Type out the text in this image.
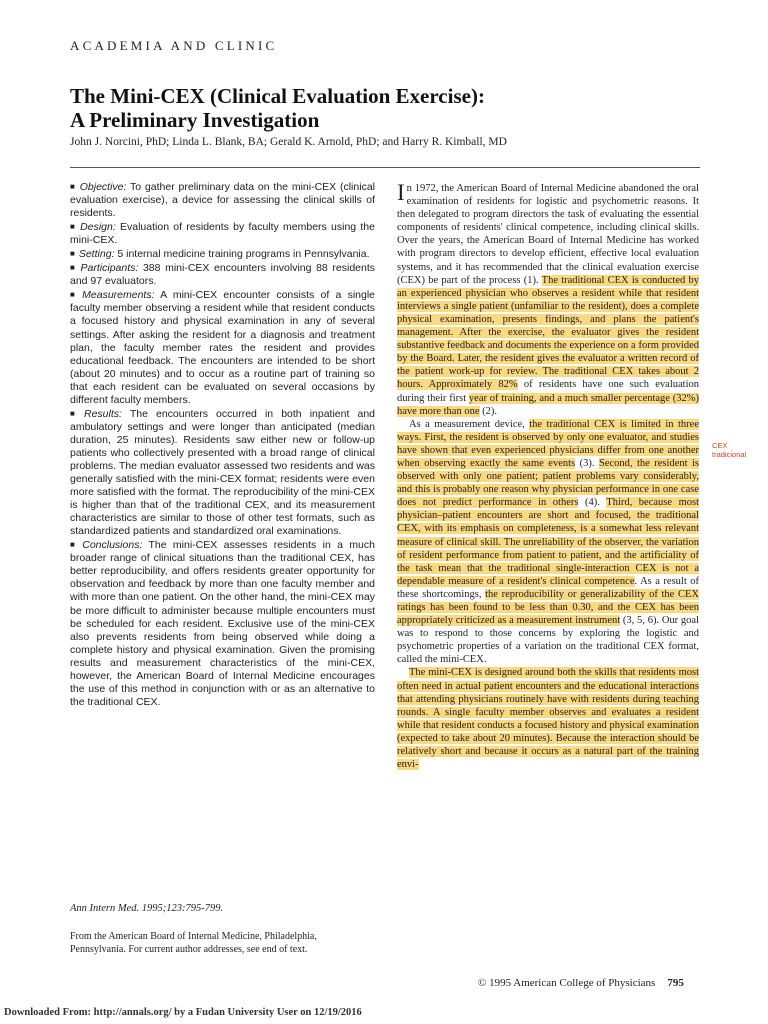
ACADEMIA AND CLINIC
The Mini-CEX (Clinical Evaluation Exercise):
A Preliminary Investigation
John J. Norcini, PhD; Linda L. Blank, BA; Gerald K. Arnold, PhD; and Harry R. Kimball, MD

■ Objective: To gather preliminary data on the mini-CEX (clinical evaluation exercise), a device for assessing the clinical skills of residents.

■ Design: Evaluation of residents by faculty members using the mini-CEX.

■ Setting: 5 internal medicine training programs in Pennsylvania.

■ Participants: 388 mini-CEX encounters involving 88 residents and 97 evaluators.

■ Measurements: A mini-CEX encounter consists of a single faculty member observing a resident while that resident conducts a focused history and physical examination in any of several settings. After asking the resident for a diagnosis and treatment plan, the faculty member rates the resident and provides educational feedback. The encounters are intended to be short (about 20 minutes) and to occur as a routine part of training so that each resident can be evaluated on several occasions by different faculty members.

■ Results: The encounters occurred in both inpatient and ambulatory settings and were longer than anticipated (median duration, 25 minutes). Residents saw either new or follow-up patients who collectively presented with a broad range of clinical problems. The median evaluator assessed two residents and was generally satisfied with the mini-CEX format; residents were even more satisfied with the format. The reproducibility of the mini-CEX is higher than that of the traditional CEX, and its measurement characteristics are similar to those of other test formats, such as standardized patients and standardized oral examinations.

■ Conclusions: The mini-CEX assesses residents in a much broader range of clinical situations than the traditional CEX, has better reproducibility, and offers residents greater opportunity for observation and feedback by more than one faculty member and with more than one patient. On the other hand, the mini-CEX may be more difficult to administer because multiple encounters must be scheduled for each resident. Exclusive use of the mini-CEX also prevents residents from being observed while doing a complete history and physical examination. Given the promising results and measurement characteristics of the mini-CEX, however, the American Board of Internal Medicine encourages the use of this method in conjunction with or as an alternative to the traditional CEX.

Ann Intern Med. 1995;123:795-799.
From the American Board of Internal Medicine, Philadelphia, Pennsylvania. For current author addresses, see end of text.

In 1972, the American Board of Internal Medicine abandoned the oral examination of residents for logistic and psychometric reasons. It then delegated to program directors the task of evaluating the essential components of residents' clinical competence, including clinical skills. Over the years, the American Board of Internal Medicine has worked with program directors to develop efficient, effective local evaluation systems, and it has recommended that the clinical evaluation exercise (CEX) be part of the process (1). The traditional CEX is conducted by an experienced physician who observes a resident while that resident interviews a single patient (unfamiliar to the resident), does a complete physical examination, presents findings, and plans the patient's management. After the exercise, the evaluator gives the resident substantive feedback and documents the experience on a form provided by the Board. Later, the resident gives the evaluator a written record of the patient work-up for review. The traditional CEX takes about 2 hours. Approximately 82% of residents have one such evaluation during their first year of training, and a much smaller percentage (32%) have more than one (2).

As a measurement device, the traditional CEX is limited in three ways. First, the resident is observed by only one evaluator, and studies have shown that even experienced physicians differ from one another when observing exactly the same events (3). Second, the resident is observed with only one patient; patient problems vary considerably, and this is probably one reason why physician performance in one case does not predict performance in others (4). Third, because most physician–patient encounters are short and focused, the traditional CEX, with its emphasis on completeness, is a somewhat less relevant measure of clinical skill. The unreliability of the observer, the variation of resident performance from patient to patient, and the artificiality of the task mean that the traditional single-interaction CEX is not a dependable measure of a resident's clinical competence. As a result of these shortcomings, the reproducibility or generalizability of the CEX ratings has been found to be less than 0.30, and the CEX has been appropriately criticized as a measurement instrument (3, 5, 6). Our goal was to respond to those concerns by exploring the logistic and psychometric properties of a variation on the traditional CEX format, called the mini-CEX.

The mini-CEX is designed around both the skills that residents most often need in actual patient encounters and the educational interactions that attending physicians routinely have with residents during teaching rounds. A single faculty member observes and evaluates a resident while that resident conducts a focused history and physical examination (expected to take about 20 minutes). Because the interaction should be relatively short and because it occurs as a natural part of the training envi-

CEX
tradicional
© 1995 American College of Physicians 795
Downloaded From: http://annals.org/ by a Fudan University User on 12/19/2016
